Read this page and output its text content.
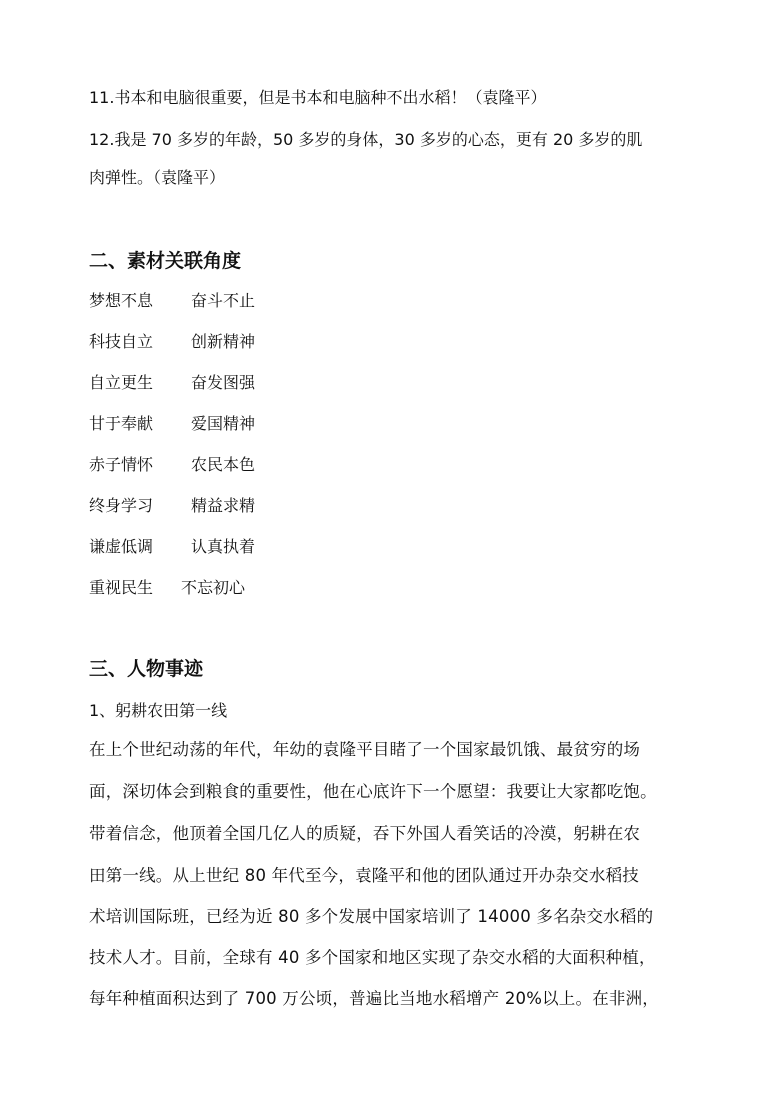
11.书本和电脑很重要，但是书本和电脑种不出水稻！（袁隆平）
12.我是 70 多岁的年龄，50 多岁的身体，30 多岁的心态，更有 20 多岁的肌
肉弹性。（袁隆平）
二、素材关联角度
梦想不息 奋斗不止
科技自立 创新精神
自立更生 奋发图强
甘于奉献 爱国精神
赤子情怀 农民本色
终身学习 精益求精
谦虚低调 认真执着
重视民生 不忘初心
三、人物事迹
1、躬耕农田第一线
在上个世纪动荡的年代，年幼的袁隆平目睹了一个国家最饥饿、最贫穷的场
面，深切体会到粮食的重要性，他在心底许下一个愿望：我要让大家都吃饱。
带着信念，他顶着全国几亿人的质疑，吞下外国人看笑话的冷漠，躬耕在农
田第一线。从上世纪 80 年代至今，袁隆平和他的团队通过开办杂交水稻技
术培训国际班，已经为近 80 多个发展中国家培训了 14000 多名杂交水稻的
技术人才。目前，全球有 40 多个国家和地区实现了杂交水稻的大面积种植，
每年种植面积达到了 700 万公顷，普遍比当地水稻增产 20%以上。在非洲，
